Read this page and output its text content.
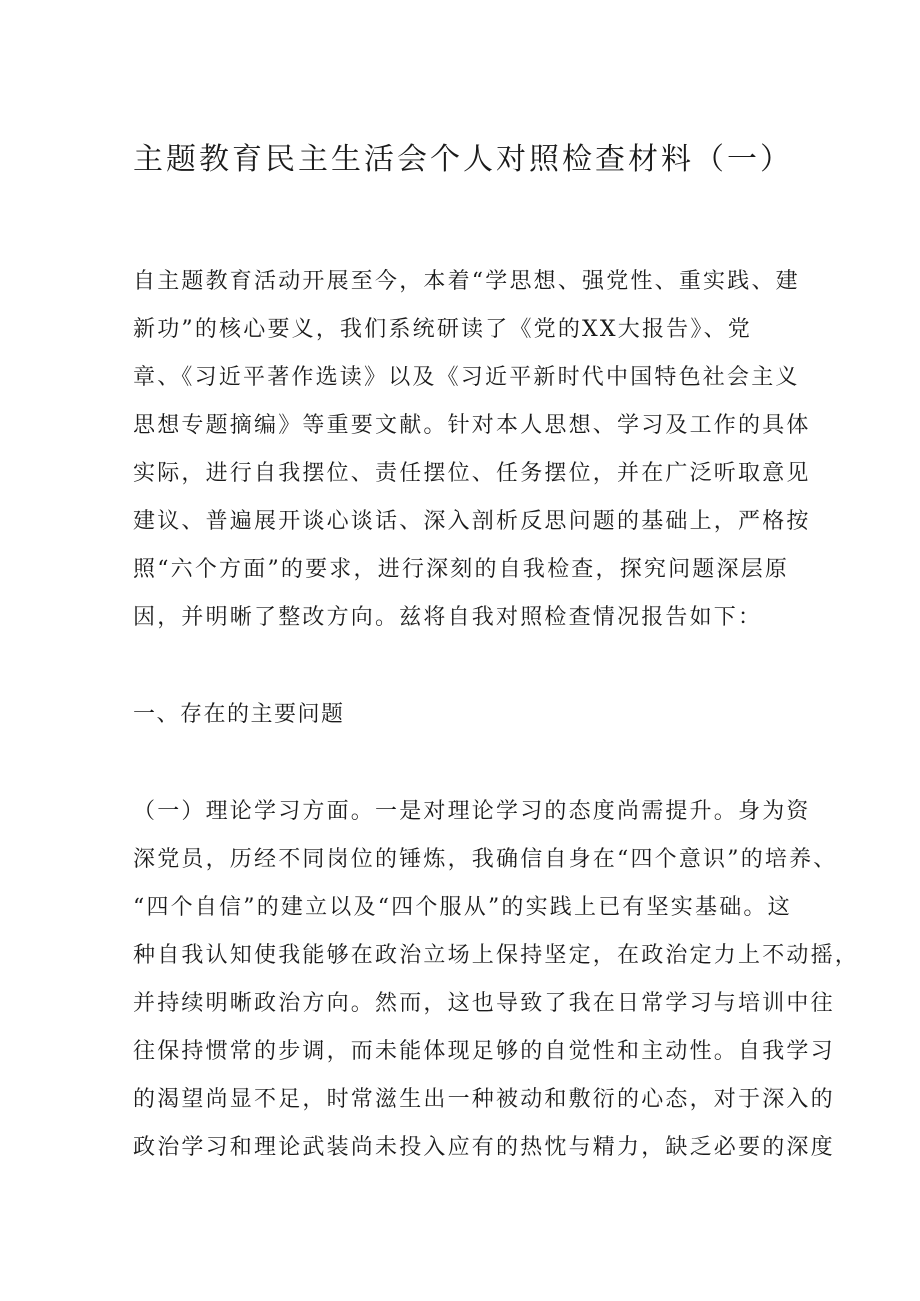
主题教育民主生活会个人对照检查材料（一）
自主题教育活动开展至今，本着“学思想、强党性、重实践、建
新功”的核心要义，我们系统研读了《党的XX大报告》、党
章、《习近平著作选读》以及《习近平新时代中国特色社会主义
思想专题摘编》等重要文献。针对本人思想、学习及工作的具体
实际，进行自我摆位、责任摆位、任务摆位，并在广泛听取意见
建议、普遍展开谈心谈话、深入剖析反思问题的基础上，严格按
照“六个方面”的要求，进行深刻的自我检查，探究问题深层原
因，并明晰了整改方向。兹将自我对照检查情况报告如下：
一、存在的主要问题
（一）理论学习方面。一是对理论学习的态度尚需提升。身为资
深党员，历经不同岗位的锤炼，我确信自身在“四个意识”的培养、
“四个自信”的建立以及“四个服从”的实践上已有坚实基础。这
种自我认知使我能够在政治立场上保持坚定，在政治定力上不动摇，
并持续明晰政治方向。然而，这也导致了我在日常学习与培训中往
往保持惯常的步调，而未能体现足够的自觉性和主动性。自我学习
的渴望尚显不足，时常滋生出一种被动和敷衍的心态，对于深入的
政治学习和理论武装尚未投入应有的热忱与精力，缺乏必要的深度
